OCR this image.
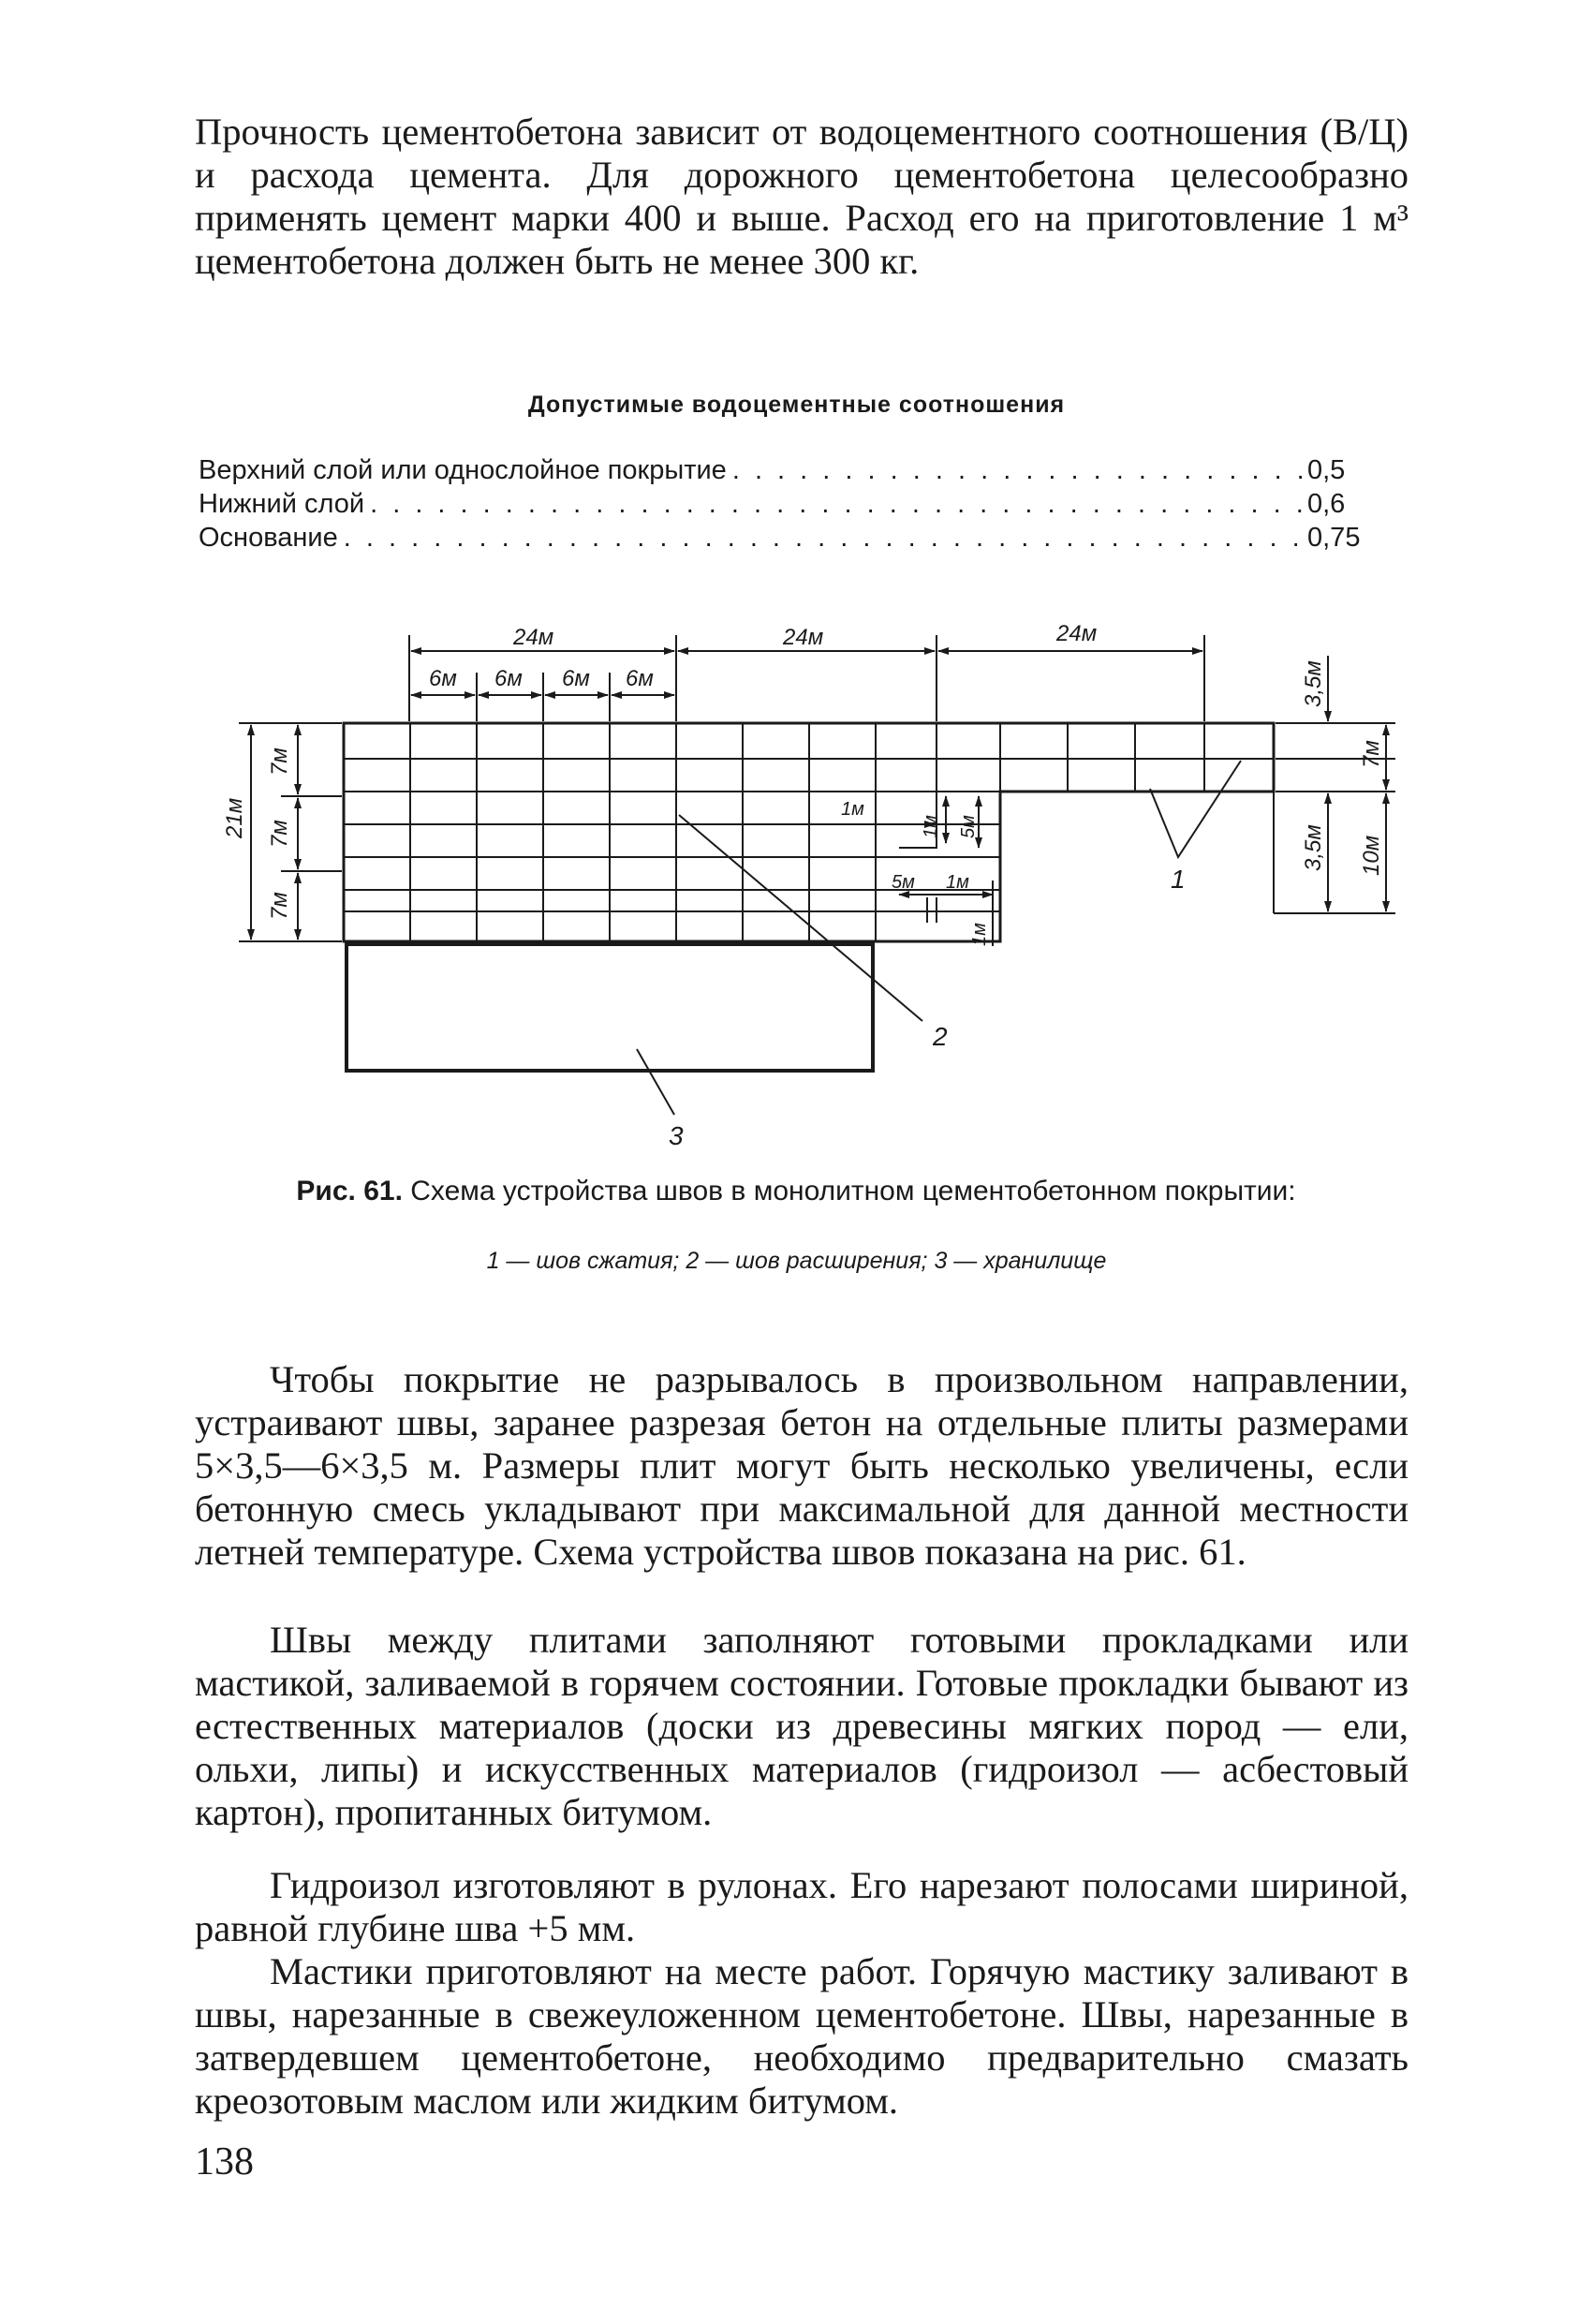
Прочность цементобетона зависит от водоцементного соотношения (В/Ц) и расхода цемента. Для дорожного цементобетона целесообразно применять цемент марки 400 и выше. Расход его на приготовление 1 м³ цементобетона должен быть не менее 300 кг.

Допустимые водоцементные соотношения
Верхний слой или однослойное покрытие . . .	0,5
Нижний слой . . .	0,6
Основание . . .	0,75
24м	24м	24м
6м 6м 6м 6м
21м
7м
7м
7м
3,5м
7м
3,5м 10м
1м
1м 5м
5м 1м
1м
1
2
3
Рис. 61. Схема устройства швов в монолитном цементобетонном покрытии:
1 — шов сжатия; 2 — шов расширения; 3 — хранилище

Чтобы покрытие не разрывалось в произвольном направлении, устраивают швы, заранее разрезая бетон на отдельные плиты размерами 5×3,5—6×3,5 м. Размеры плит могут быть несколько увеличены, если бетонную смесь укладывают при максимальной для данной местности летней температуре. Схема устройства швов показана на рис. 61.

Швы между плитами заполняют готовыми прокладками или мастикой, заливаемой в горячем состоянии. Готовые прокладки бывают из естественных материалов (доски из древесины мягких пород — ели, ольхи, липы) и искусственных материалов (гидроизол — асбестовый картон), пропитанных битумом.

Гидроизол изготовляют в рулонах. Его нарезают полосами шириной, равной глубине шва +5 мм.

Мастики приготовляют на месте работ. Горячую мастику заливают в швы, нарезанные в свежеуложенном цементобетоне. Швы, нарезанные в затвердевшем цементобетоне, необходимо предварительно смазать креозотовым маслом или жидким битумом.

138
